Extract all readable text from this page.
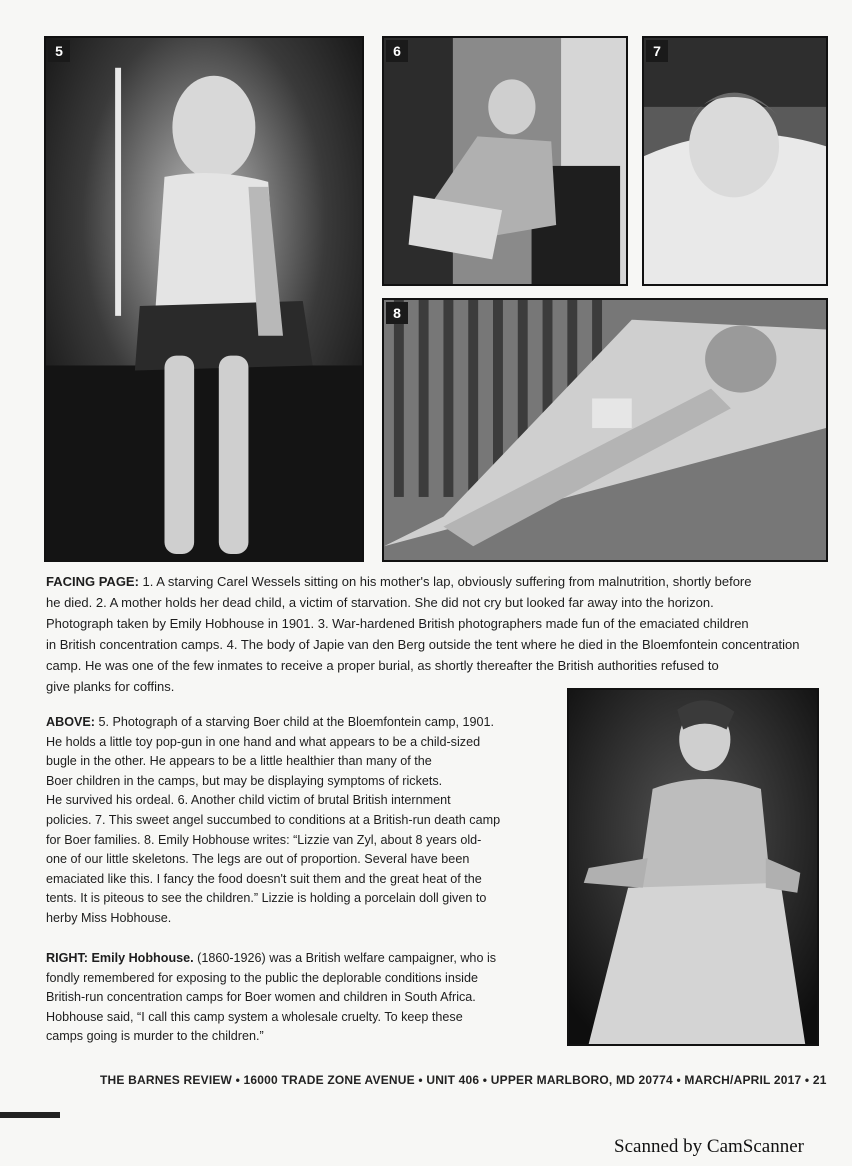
5	6	7
8
FACING PAGE: 1. A starving Carel Wessels sitting on his mother's lap, obviously suffering from malnutrition, shortly before
he died. 2. A mother holds her dead child, a victim of starvation. She did not cry but looked far away into the horizon.
Photograph taken by Emily Hobhouse in 1901. 3. War-hardened British photographers made fun of the emaciated children
in British concentration camps. 4. The body of Japie van den Berg outside the tent where he died in the Bloemfontein concentration
camp. He was one of the few inmates to receive a proper burial, as shortly thereafter the British authorities refused to
give planks for coffins.
ABOVE: 5. Photograph of a starving Boer child at the Bloemfontein camp, 1901.
He holds a little toy pop-gun in one hand and what appears to be a child-sized
bugle in the other. He appears to be a little healthier than many of the
Boer children in the camps, but may be displaying symptoms of rickets.
He survived his ordeal. 6. Another child victim of brutal British internment
policies. 7. This sweet angel succumbed to conditions at a British-run death camp
for Boer families. 8. Emily Hobhouse writes: “Lizzie van Zyl, about 8 years old-
one of our little skeletons. The legs are out of proportion. Several have been
emaciated like this. I fancy the food doesn't suit them and the great heat of the
tents. It is piteous to see the children.” Lizzie is holding a porcelain doll given to
herby Miss Hobhouse.
RIGHT: Emily Hobhouse. (1860-1926) was a British welfare campaigner, who is
fondly remembered for exposing to the public the deplorable conditions inside
British-run concentration camps for Boer women and children in South Africa.
Hobhouse said, “I call this camp system a wholesale cruelty. To keep these
camps going is murder to the children.”
THE BARNES REVIEW • 16000 TRADE ZONE AVENUE • UNIT 406 • UPPER MARLBORO, MD 20774 • MARCH/APRIL 2017 • 21
Scanned by CamScanner
